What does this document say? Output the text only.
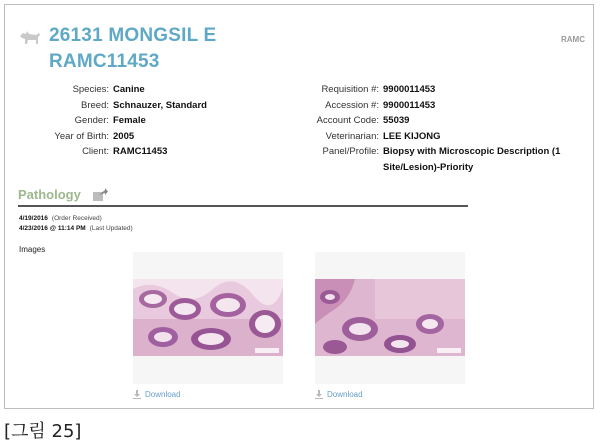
26131 MONGSIL E
RAMC11453
RAMC
Species: Canine
Breed: Schnauzer, Standard
Gender: Female
Year of Birth: 2005
Client: RAMC11453
Requisition #: 9900011453
Accession #: 9900011453
Account Code: 55039
Veterinarian: LEE KIJONG
Panel/Profile: Biopsy with Microscopic Description (1 Site/Lesion)-Priority
Pathology
4/19/2016 (Order Received)
4/23/2016 @ 11:14 PM (Last Updated)
Images
Download	Download
[그림 25]
